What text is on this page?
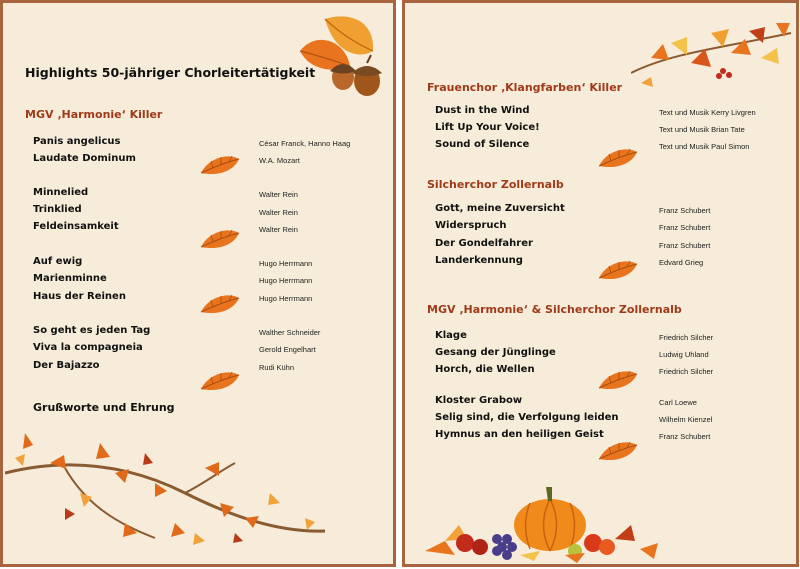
Highlights 50-jähriger Chorleitertätigkeit
MGV ‚Harmonie‘ Killer
Panis angelicus	César Franck, Hanno Haag
Laudate Dominum	W.A. Mozart
Minnelied	Walter Rein
Trinklied	Walter Rein
Feldeinsamkeit	Walter Rein
Auf ewig	Hugo Herrmann
Marienminne	Hugo Herrmann
Haus der Reinen	Hugo Herrmann
So geht es jeden Tag	Walther Schneider
Viva la compagneia	Gerold Engelhart
Der Bajazzo	Rudi Kühn
Grußworte und Ehrung
Frauenchor ‚Klangfarben‘ Killer
Dust in the Wind	Text und Musik Kerry Livgren
Lift Up Your Voice!	Text und Musik Brian Tate
Sound of Silence	Text und Musik Paul Simon
Silcherchor Zollernalb
Gott, meine Zuversicht	Franz Schubert
Widerspruch	Franz Schubert
Der Gondelfahrer	Franz Schubert
Landerkennung	Edvard Grieg
MGV ‚Harmonie‘ & Silcherchor Zollernalb
Klage	Friedrich Silcher
Gesang der Jünglinge	Ludwig Uhland
Horch, die Wellen	Friedrich Silcher
Kloster Grabow	Carl Loewe
Selig sind, die Verfolgung leiden	Wilhelm Kienzel
Hymnus an den heiligen Geist	Franz Schubert
